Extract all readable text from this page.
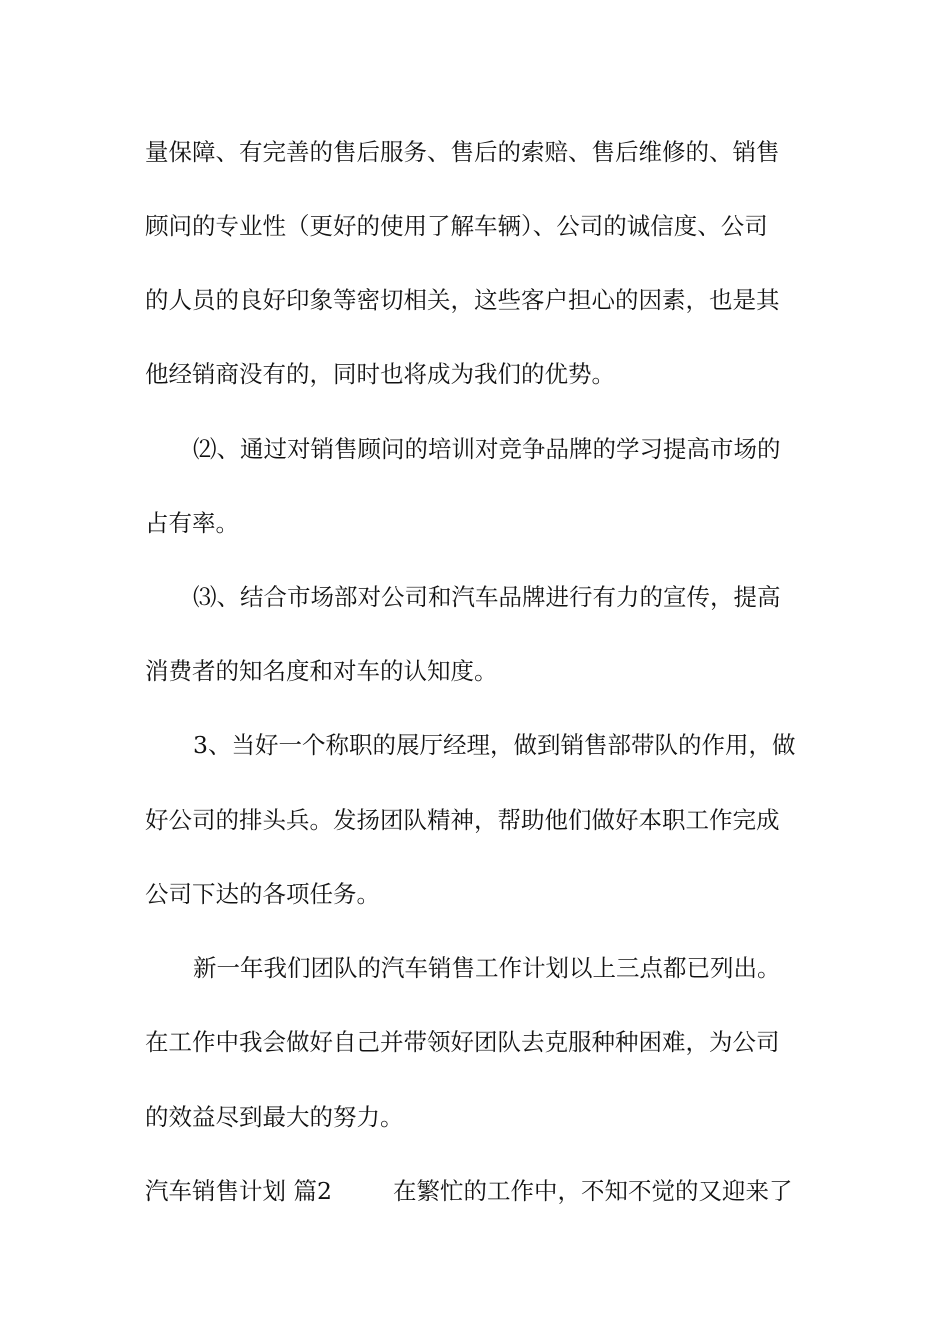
量保障、有完善的售后服务、售后的索赔、售后维修的、销售
顾问的专业性（更好的使用了解车辆）、公司的诚信度、公司
的人员的良好印象等密切相关，这些客户担心的因素，也是其
他经销商没有的，同时也将成为我们的优势。
⑵、通过对销售顾问的培训对竞争品牌的学习提高市场的
占有率。
⑶、结合市场部对公司和汽车品牌进行有力的宣传，提高
消费者的知名度和对车的认知度。
3、当好一个称职的展厅经理，做到销售部带队的作用，做
好公司的排头兵。发扬团队精神，帮助他们做好本职工作完成
公司下达的各项任务。
新一年我们团队的汽车销售工作计划以上三点都已列出。
在工作中我会做好自己并带领好团队去克服种种困难，为公司
的效益尽到最大的努力。
汽车销售计划 篇2	在繁忙的工作中，不知不觉的又迎来了
